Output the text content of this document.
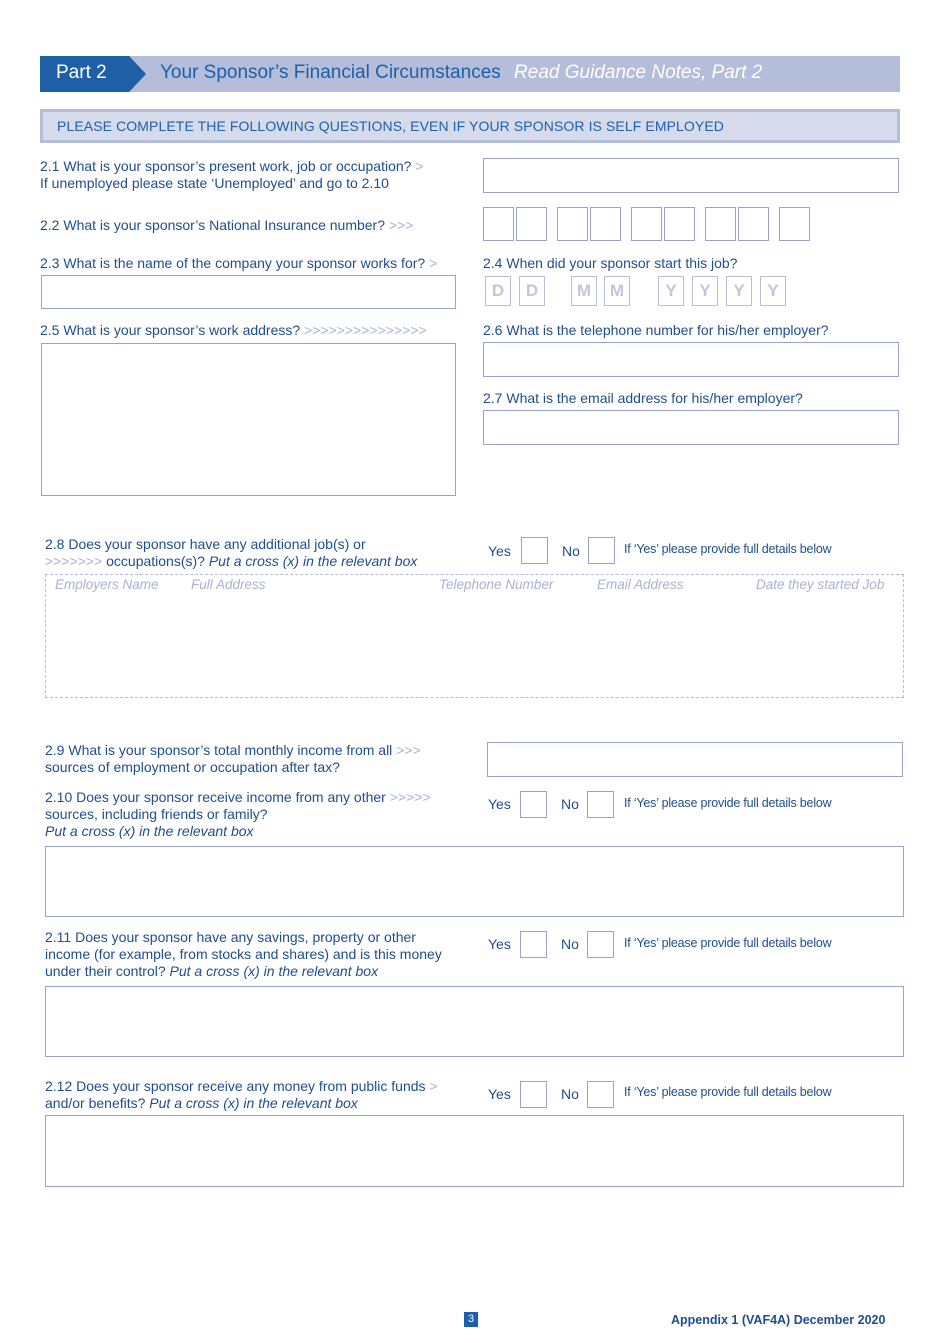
Part 2	Your Sponsor’s Financial Circumstances Read Guidance Notes, Part 2
PLEASE COMPLETE THE FOLLOWING QUESTIONS, EVEN IF YOUR SPONSOR IS SELF EMPLOYED
2.1 What is your sponsor’s present work, job or occupation? >
If unemployed please state ‘Unemployed’ and go to 2.10
2.2 What is your sponsor’s National Insurance number? >>>
2.3 What is the name of the company your sponsor works for? >	2.4 When did your sponsor start this job?
D	D	M	M	Y	Y	Y	Y
2.5 What is your sponsor’s work address? >>>>>>>>>>>>>>>	2.6 What is the telephone number for his/her employer?
2.7 What is the email address for his/her employer?
2.8 Does your sponsor have any additional job(s) or
>>>>>>> occupations(s)? Put a cross (x) in the relevant box
Yes	No	If ‘Yes’ please provide full details below
Employers Name Full Address	Telephone Number	Email Address	Date they started Job
2.9 What is your sponsor’s total monthly income from all >>>
sources of employment or occupation after tax?
2.10 Does your sponsor receive income from any other >>>>>
sources, including friends or family?
Put a cross (x) in the relevant box
Yes	No	If ‘Yes’ please provide full details below
2.11 Does your sponsor have any savings, property or other
income (for example, from stocks and shares) and is this money
under their control? Put a cross (x) in the relevant box
Yes	No	If ‘Yes’ please provide full details below
2.12 Does your sponsor receive any money from public funds >
and/or benefits? Put a cross (x) in the relevant box
Yes	No	If ‘Yes’ please provide full details below
3	Appendix 1 (VAF4A) December 2020
